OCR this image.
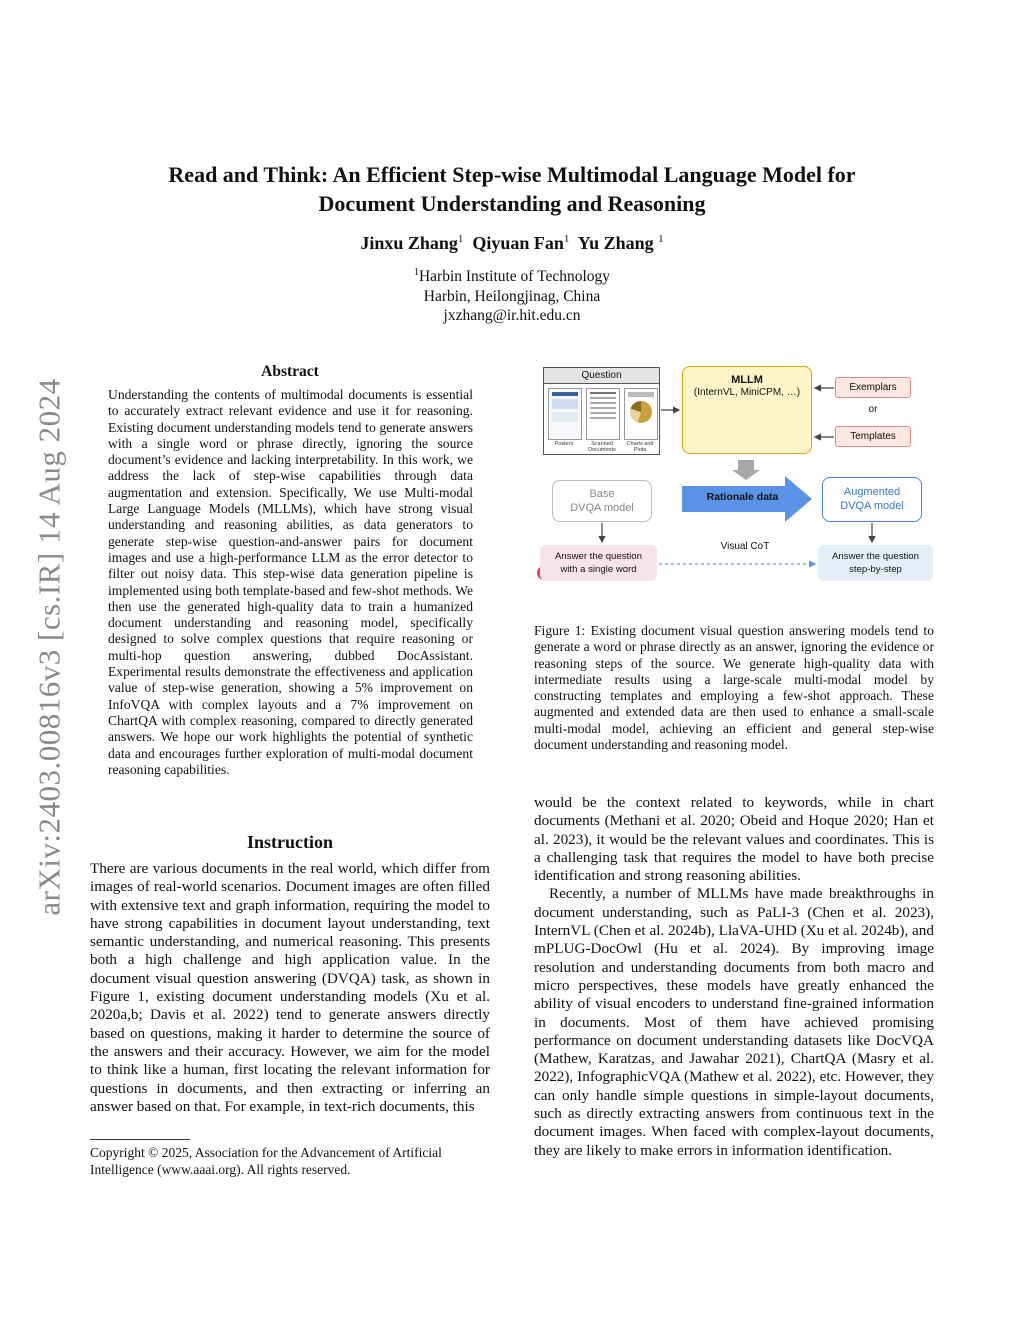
arXiv:2403.00816v3 [cs.IR] 14 Aug 2024
Read and Think: An Efficient Step-wise Multimodal Language Model for
Document Understanding and Reasoning
Jinxu Zhang$^1$ Qiyuan Fan$^1$ Yu Zhang $^1$
$^1$Harbin Institute of Technology
Harbin, Heilongjinag, China
jxzhang@ir.hit.edu.cn
Abstract
Understanding the contents of multimodal documents is essential to accurately extract relevant evidence and use it for reasoning. Existing document understanding models tend to generate answers with a single word or phrase directly, ignoring the source document’s evidence and lacking interpretability. In this work, we address the lack of step-wise capabilities through data augmentation and extension. Specifically, We use Multi-modal Large Language Models (MLLMs), which have strong visual understanding and reasoning abilities, as data generators to generate step-wise question-and-answer pairs for document images and use a high-performance LLM as the error detector to filter out noisy data. This step-wise data generation pipeline is implemented using both template-based and few-shot methods. We then use the generated high-quality data to train a humanized document understanding and reasoning model, specifically designed to solve complex questions that require reasoning or multi-hop question answering, dubbed DocAssistant. Experimental results demonstrate the effectiveness and application value of step-wise generation, showing a 5% improvement on InfoVQA with complex layouts and a 7% improvement on ChartQA with complex reasoning, compared to directly generated answers. We hope our work highlights the potential of synthetic data and encourages further exploration of multi-modal document reasoning capabilities.
Instruction

There are various documents in the real world, which differ from images of real-world scenarios. Document images are often filled with extensive text and graph information, requiring the model to have strong capabilities in document layout understanding, text semantic understanding, and numerical reasoning. This presents both a high challenge and high application value. In the document visual question answering (DVQA) task, as shown in Figure 1, existing document understanding models (Xu et al. 2020a,b; Davis et al. 2022) tend to generate answers directly based on questions, making it harder to determine the source of the answers and their accuracy. However, we aim for the model to think like a human, first locating the relevant information for questions in documents, and then extracting or inferring an answer based on that. For example, in text-rich documents, this

Copyright © 2025, Association for the Advancement of Artificial Intelligence (www.aaai.org). All rights reserved.
Question
Posters	Scanned Documents
Charts and Plots
MLLM
(InternVL, MiniCPM, …)	Exemplars
or
Templates
Base
DVQA model
Rationale data	Augmented
DVQA model
Visual CoT
Answer the question
with a single word
Answer the question
step-by-step
Figure 1: Existing document visual question answering models tend to generate a word or phrase directly as an answer, ignoring the evidence or reasoning steps of the source. We generate high-quality data with intermediate results using a large-scale multi-modal model by constructing templates and employing a few-shot approach. These augmented and extended data are then used to enhance a small-scale multi-modal model, achieving an efficient and general step-wise document understanding and reasoning model.

would be the context related to keywords, while in chart documents (Methani et al. 2020; Obeid and Hoque 2020; Han et al. 2023), it would be the relevant values and coordinates. This is a challenging task that requires the model to have both precise identification and strong reasoning abilities.

Recently, a number of MLLMs have made breakthroughs in document understanding, such as PaLI-3 (Chen et al. 2023), InternVL (Chen et al. 2024b), LlaVA-UHD (Xu et al. 2024b), and mPLUG-DocOwl (Hu et al. 2024). By improving image resolution and understanding documents from both macro and micro perspectives, these models have greatly enhanced the ability of visual encoders to understand fine-grained information in documents. Most of them have achieved promising performance on document understanding datasets like DocVQA (Mathew, Karatzas, and Jawahar 2021), ChartQA (Masry et al. 2022), InfographicVQA (Mathew et al. 2022), etc. However, they can only handle simple questions in simple-layout documents, such as directly extracting answers from continuous text in the document images. When faced with complex-layout documents, they are likely to make errors in information identification.
